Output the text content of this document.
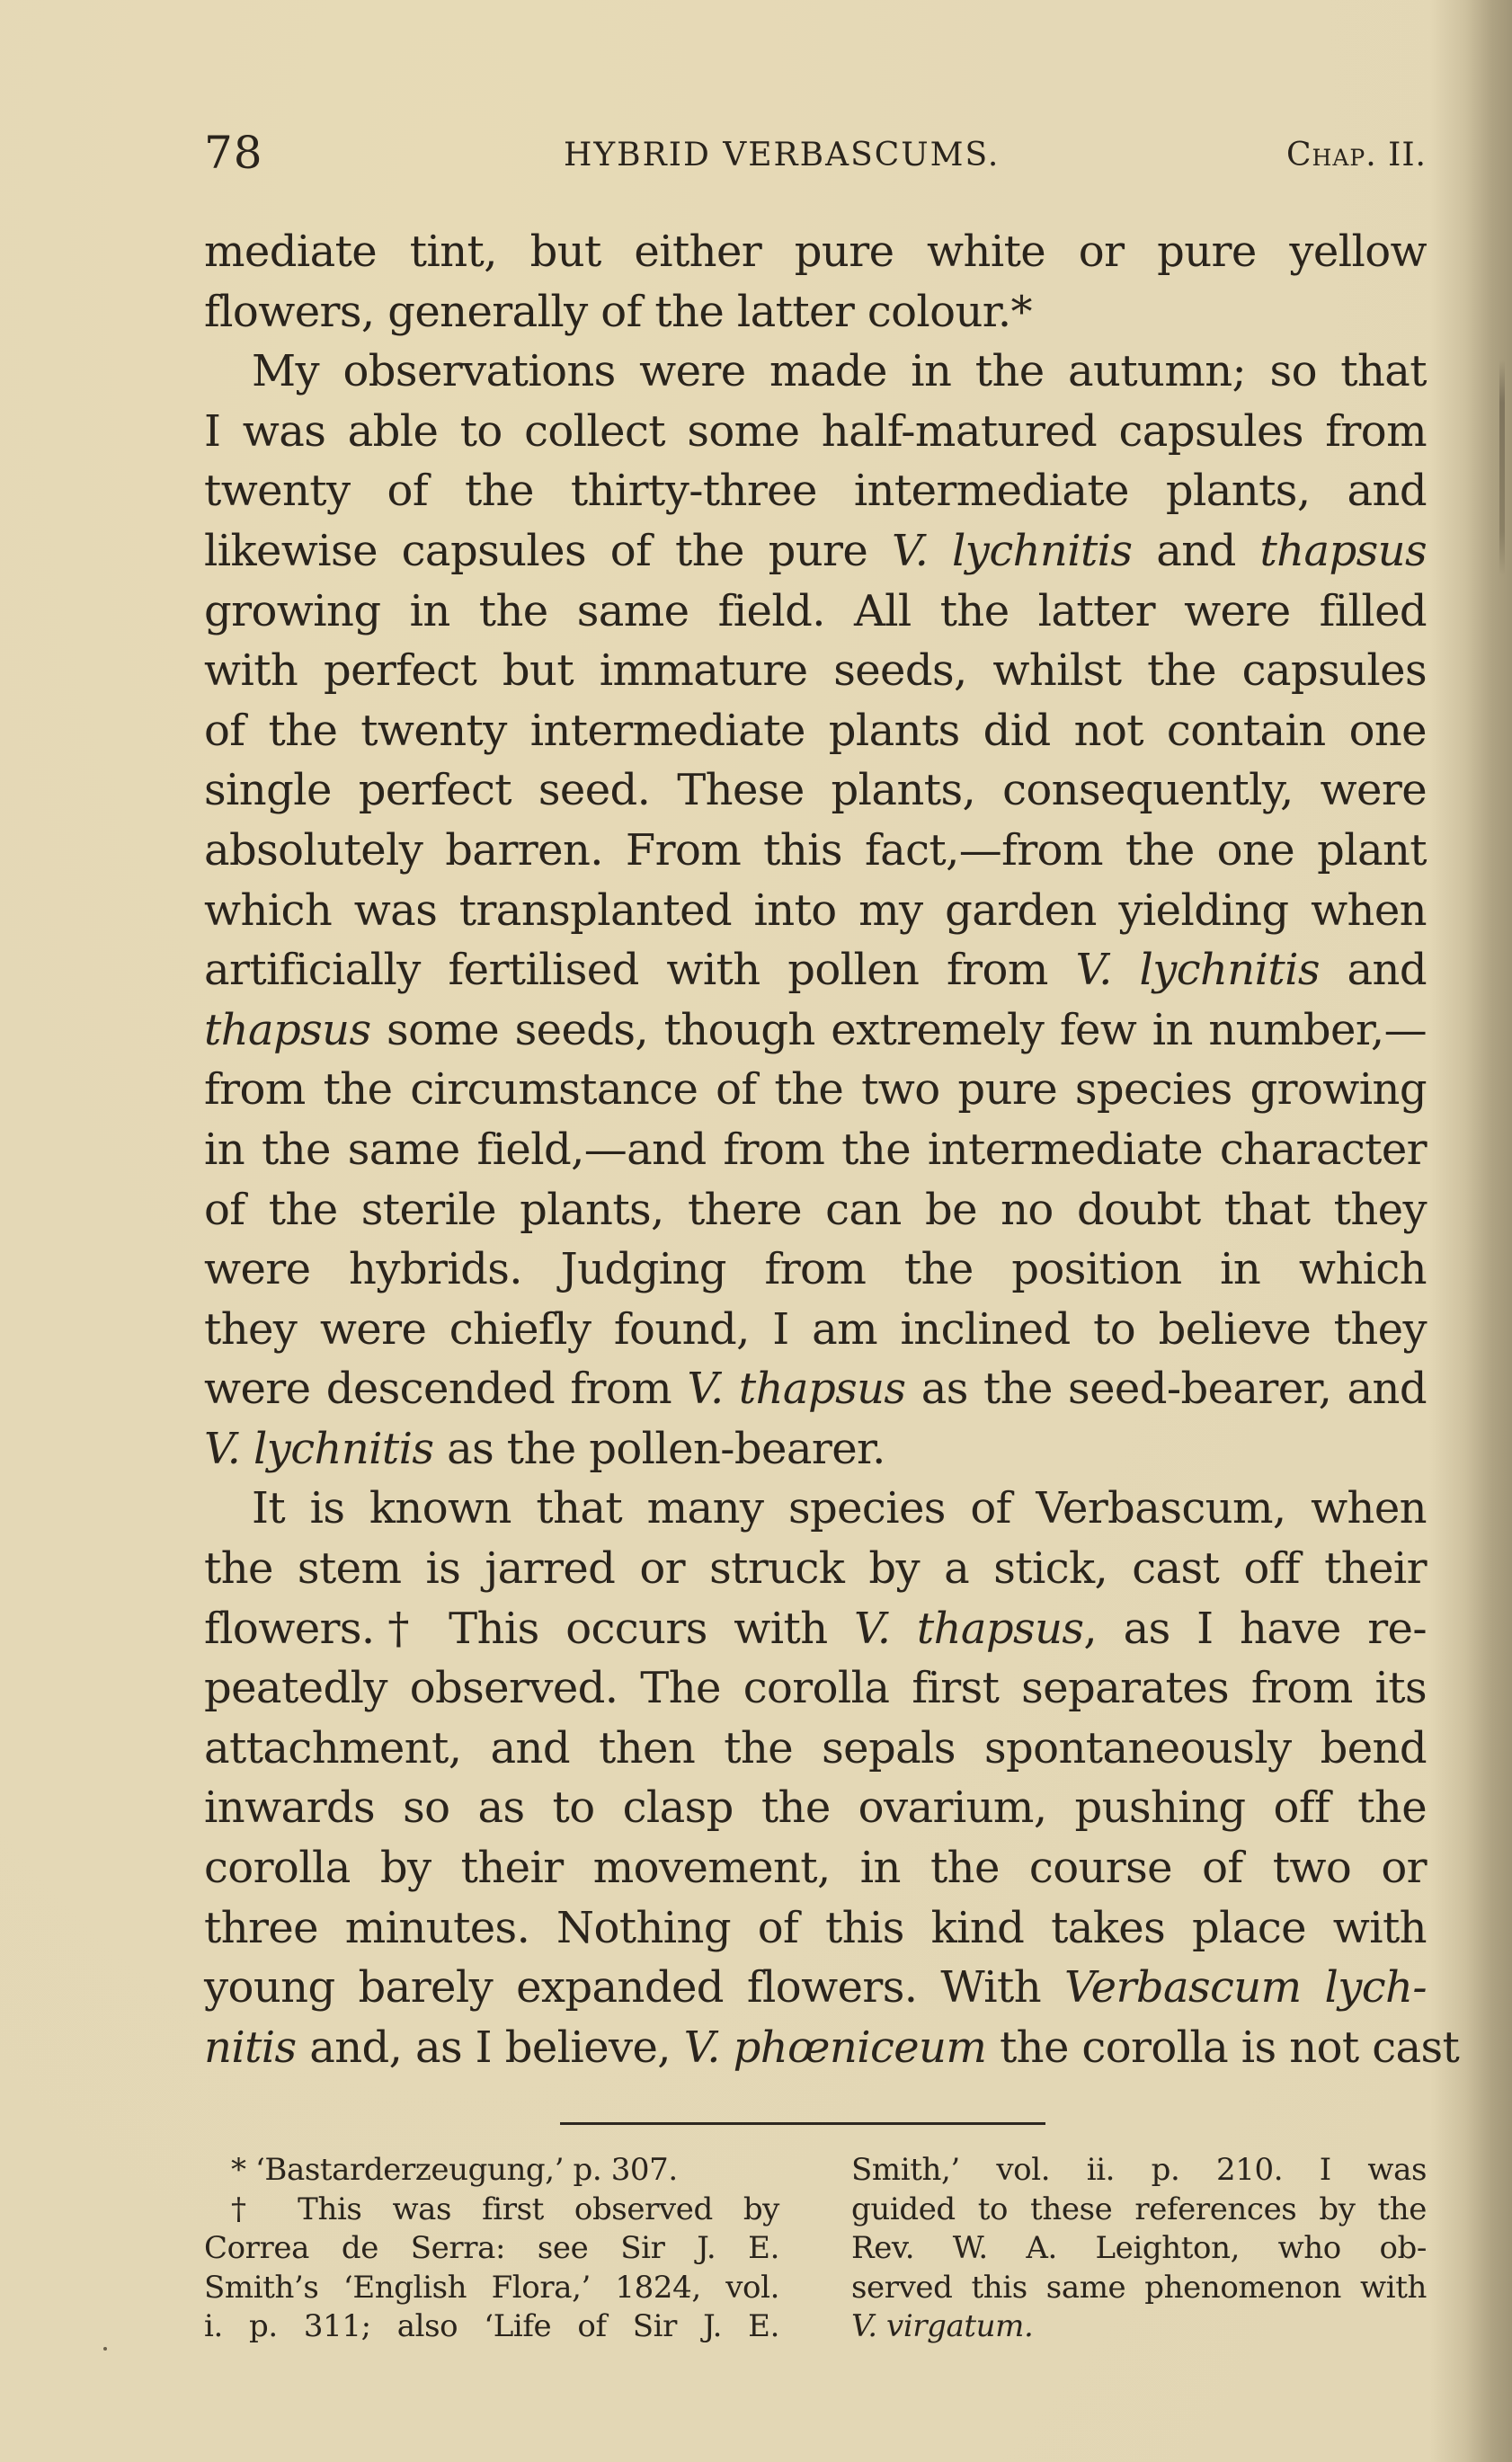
78	HYBRID VERBASCUMS.	Chap. II.
mediate tint, but either pure white or pure yellow
flowers, generally of the latter colour.*
My observations were made in the autumn; so that
I was able to collect some half-matured capsules from
twenty of the thirty-three intermediate plants, and
likewise capsules of the pure V. lychnitis and thapsus
growing in the same field. All the latter were filled
with perfect but immature seeds, whilst the capsules
of the twenty intermediate plants did not contain one
single perfect seed. These plants, consequently, were
absolutely barren. From this fact,—from the one plant
which was transplanted into my garden yielding when
artificially fertilised with pollen from V. lychnitis and
thapsus some seeds, though extremely few in number,—
from the circumstance of the two pure species growing
in the same field,—and from the intermediate character
of the sterile plants, there can be no doubt that they
were hybrids. Judging from the position in which
they were chiefly found, I am inclined to believe they
were descended from V. thapsus as the seed-bearer, and
V. lychnitis as the pollen-bearer.
It is known that many species of Verbascum, when
the stem is jarred or struck by a stick, cast off their
flowers.† This occurs with V. thapsus, as I have re-
peatedly observed. The corolla first separates from its
attachment, and then the sepals spontaneously bend
inwards so as to clasp the ovarium, pushing off the
corolla by their movement, in the course of two or
three minutes. Nothing of this kind takes place with
young barely expanded flowers. With Verbascum lych-
nitis and, as I believe, V. phœniceum the corolla is not cast
* ‘Bastarderzeugung,’ p. 307.
† This was first observed by
Correa de Serra: see Sir J. E.
Smith’s ‘English Flora,’ 1824, vol.
i. p. 311; also ‘Life of Sir J. E.
Smith,’ vol. ii. p. 210. I was
guided to these references by the
Rev. W. A. Leighton, who ob-
served this same phenomenon with
V. virgatum.
